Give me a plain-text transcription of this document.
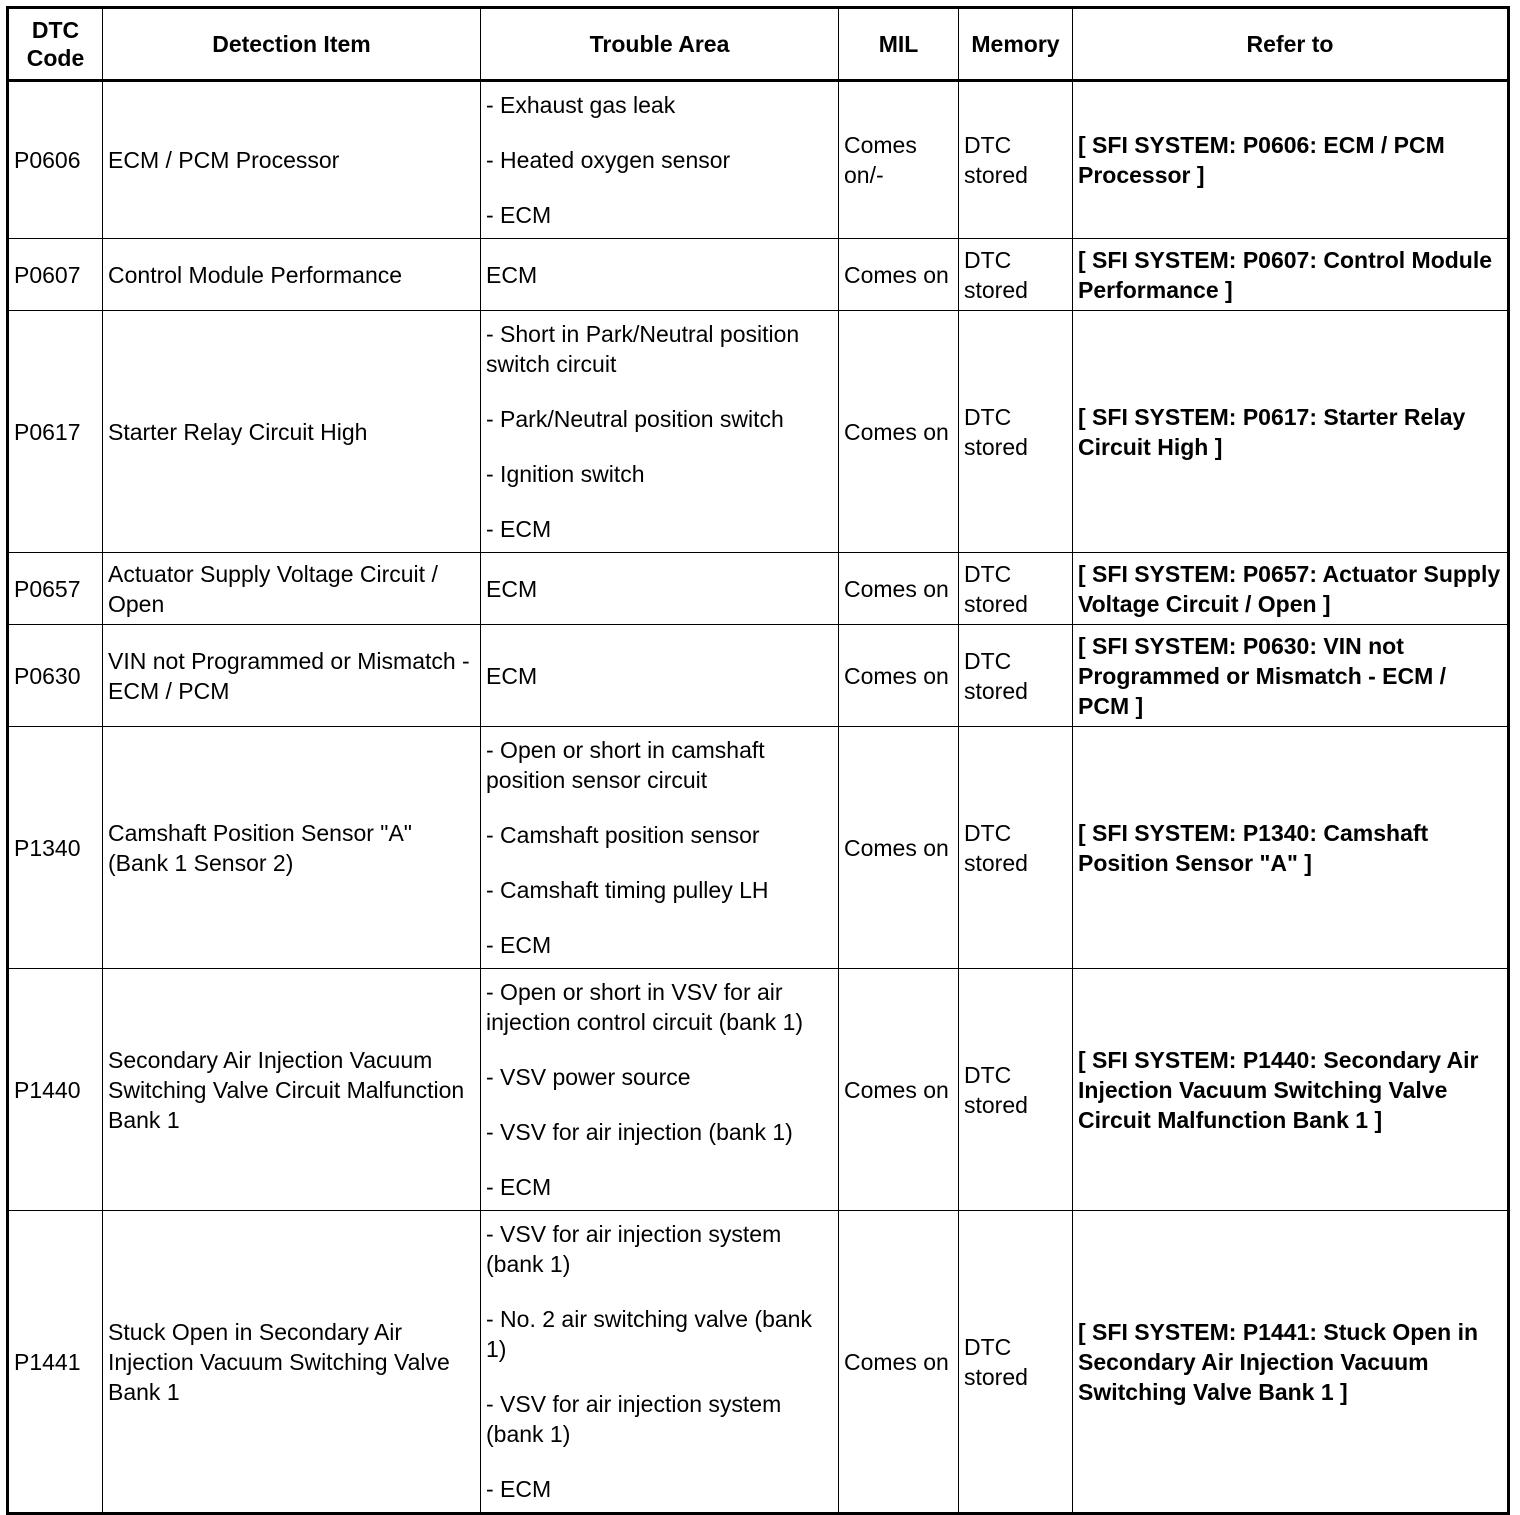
DTC
Code	Detection Item	Trouble Area	MIL	Memory	Refer to
P0606	ECM / PCM Processor	- Exhaust gas leak
- Heated oxygen sensor
- ECM	Comes on/-	DTC stored	[ SFI SYSTEM: P0606: ECM / PCM Processor ]
P0607	Control Module Performance	ECM	Comes on	DTC stored	[ SFI SYSTEM: P0607: Control Module Performance ]
P0617	Starter Relay Circuit High	- Short in Park/Neutral position switch circuit
- Park/Neutral position switch
- Ignition switch
- ECM	Comes on	DTC stored	[ SFI SYSTEM: P0617: Starter Relay Circuit High ]
P0657	Actuator Supply Voltage Circuit / Open	ECM	Comes on	DTC stored	[ SFI SYSTEM: P0657: Actuator Supply Voltage Circuit / Open ]
P0630	VIN not Programmed or Mismatch - ECM / PCM	ECM	Comes on	DTC stored	[ SFI SYSTEM: P0630: VIN not Programmed or Mismatch - ECM / PCM ]
P1340	Camshaft Position Sensor "A" (Bank 1 Sensor 2)	- Open or short in camshaft position sensor circuit
- Camshaft position sensor
- Camshaft timing pulley LH
- ECM	Comes on	DTC stored	[ SFI SYSTEM: P1340: Camshaft Position Sensor "A" ]
P1440	Secondary Air Injection Vacuum Switching Valve Circuit Malfunction Bank 1	- Open or short in VSV for air injection control circuit (bank 1)
- VSV power source
- VSV for air injection (bank 1)
- ECM	Comes on	DTC stored	[ SFI SYSTEM: P1440: Secondary Air Injection Vacuum Switching Valve Circuit Malfunction Bank 1 ]
P1441	Stuck Open in Secondary Air Injection Vacuum Switching Valve Bank 1	- VSV for air injection system (bank 1)
- No. 2 air switching valve (bank 1)
- VSV for air injection system (bank 1)
- ECM	Comes on	DTC stored	[ SFI SYSTEM: P1441: Stuck Open in Secondary Air Injection Vacuum Switching Valve Bank 1 ]
